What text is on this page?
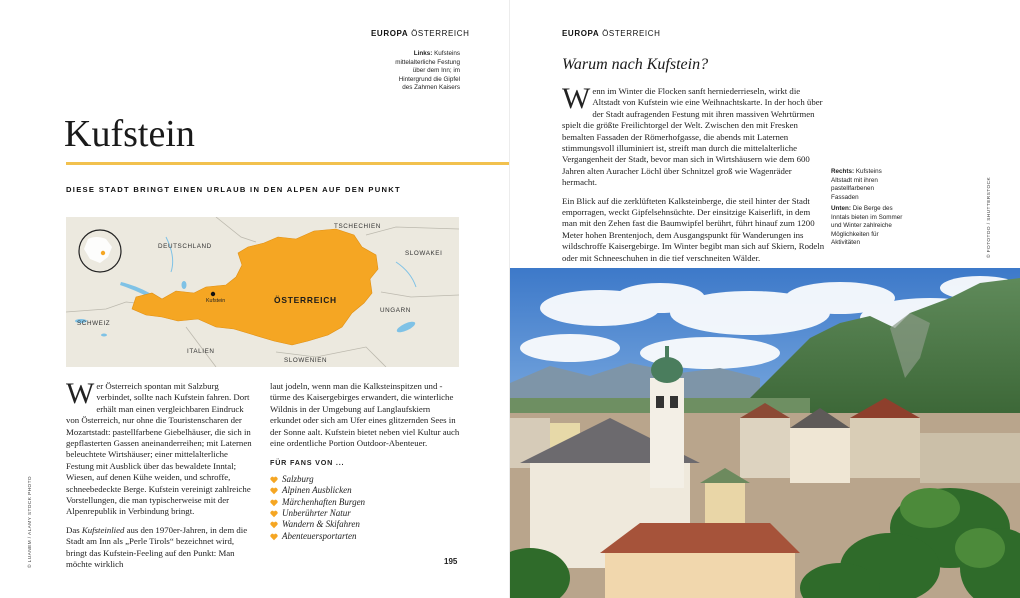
EUROPA ÖSTERREICH
Links: Kufsteins mittelalterliche Festung über dem Inn; im Hintergrund die Gipfel des Zahmen Kaisers
Kufstein
DIESE STADT BRINGT EINEN URLAUB IN DEN ALPEN AUF DEN PUNKT
TSCHECHIEN
DEUTSCHLAND
SLOWAKEI
Kufstein	ÖSTERREICH
UNGARN
SCHWEIZ
ITALIEN
SLOWENIEN

Wer Österreich spontan mit Salzburg verbindet, sollte nach Kufstein fahren. Dort erhält man einen vergleichbaren Eindruck von Österreich, nur ohne die Touristenscharen der Mozartstadt: pastellfarbene Giebelhäuser, die sich in gepflasterten Gassen aneinanderreihen; mit Laternen beleuchtete Wirtshäuser; einer mittelalterliche Festung mit Ausblick über das bewaldete Inntal; Wiesen, auf denen Kühe weiden, und schroffe, schneebedeckte Berge. Kufstein vereinigt zahlreiche Vorstellungen, die man typischerweise mit der Alpenrepublik in Verbindung bringt.

Das Kufsteinlied aus den 1970er-Jahren, in dem die Stadt am Inn als „Perle Tirols“ bezeichnet wird, bringt das Kufstein-Feeling auf den Punkt: Man möchte wirklich

laut jodeln, wenn man die Kalksteinspitzen und -türme des Kaisergebirges erwandert, die winterliche Wildnis in der Umgebung auf Langlaufskiern erkundet oder sich am Ufer eines glitzernden Sees in der Sonne aalt. Kufstein bietet neben viel Kultur auch eine ordentliche Portion Outdoor-Abenteuer.

FÜR FANS VON ...
Salzburg
Alpinen Ausblicken
Märchenhaften Burgen
Unberührter Natur
Wandern & Skifahren
Abenteuersportarten
195
© LUANEM / ALAMY STOCK PHOTO
EUROPA ÖSTERREICH
Warum nach Kufstein?

Wenn im Winter die Flocken sanft herniederrieseln, wirkt die Altstadt von Kufstein wie eine Weihnachtskarte. In der hoch über der Stadt aufragenden Festung mit ihren massiven Wehrtürmen spielt die größte Freilichtorgel der Welt. Zwischen den mit Fresken bemalten Fassaden der Römerhofgasse, die abends mit Laternen stimmungsvoll illuminiert ist, streift man durch die mittelalterliche Vergangenheit der Stadt, bevor man sich in Wirtshäusern wie dem 600 Jahren alten Auracher Löchl über Schnitzel groß wie Wagenräder hermacht.

Ein Blick auf die zerklüfteten Kalksteinberge, die steil hinter der Stadt emporragen, weckt Gipfelsehnsüchte. Der einsitzige Kaiserlift, in dem man mit den Zehen fast die Baumwipfel berührt, führt hinauf zum 1200 Meter hohen Brentenjoch, dem Ausgangspunkt für Wanderungen ins wildschroffe Kaisergebirge. Im Winter begibt man sich auf Skiern, Rodeln oder mit Schneeschuhen in die tief verschneiten Wälder.

Rechts: Kufsteins Altstadt mit ihren pastellfarbenen Fassaden
Unten: Die Berge des Inntals bieten im Sommer und Winter zahlreiche Möglichkeiten für Aktivitäten	© FOTOTOO / SHUTTERSTOCK
